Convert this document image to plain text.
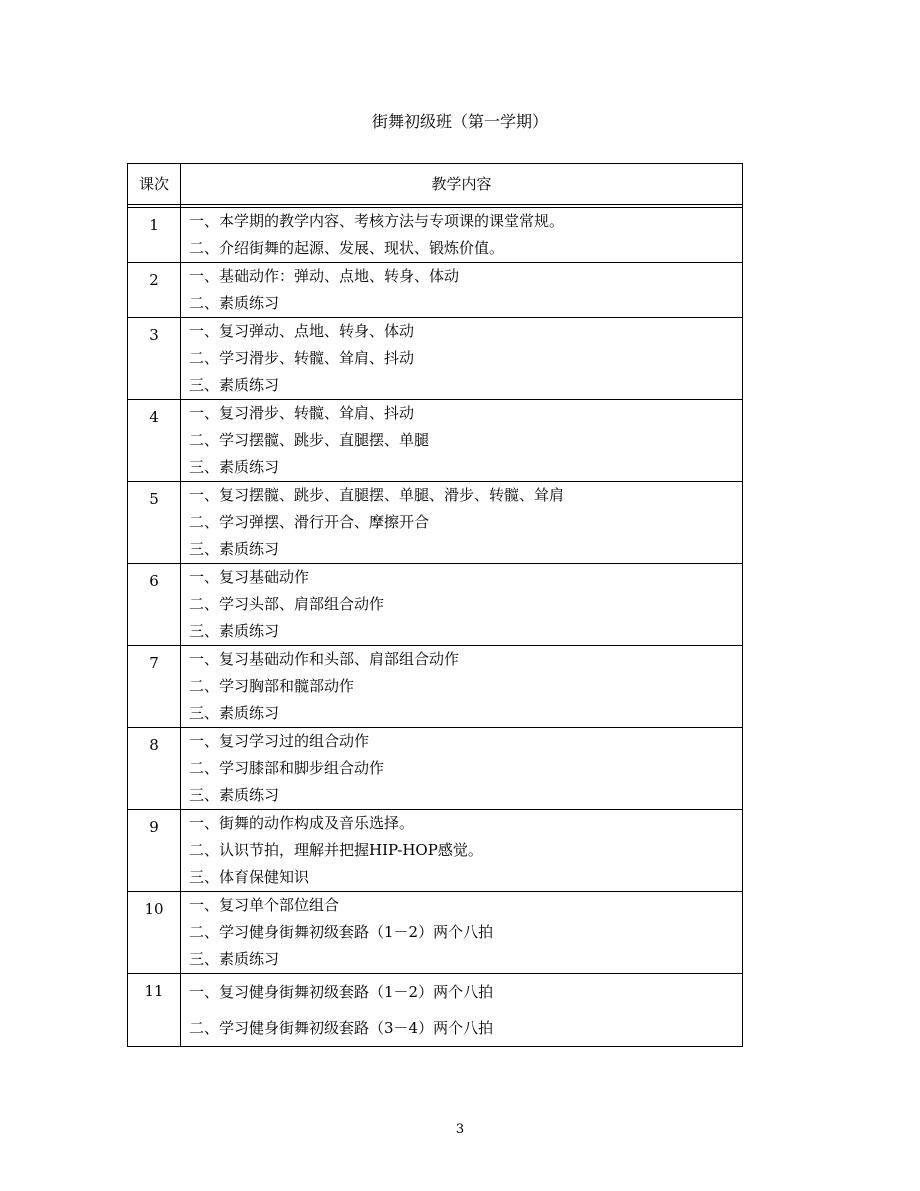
街舞初级班（第一学期）
课次	教学内容

1	一、本学期的教学内容、考核方法与专项课的课堂常规。
二、介绍街舞的起源、发展、现状、锻炼价值。

2	一、基础动作：弹动、点地、转身、体动
二、素质练习

3	一、复习弹动、点地、转身、体动
二、学习滑步、转髋、耸肩、抖动
三、素质练习

4	一、复习滑步、转髋、耸肩、抖动
二、学习摆髋、跳步、直腿摆、单腿
三、素质练习

5	一、复习摆髋、跳步、直腿摆、单腿、滑步、转髋、耸肩
二、学习弹摆、滑行开合、摩擦开合
三、素质练习

6	一、复习基础动作
二、学习头部、肩部组合动作
三、素质练习

7	一、复习基础动作和头部、肩部组合动作
二、学习胸部和髋部动作
三、素质练习

8	一、复习学习过的组合动作
二、学习膝部和脚步组合动作
三、素质练习

9	一、街舞的动作构成及音乐选择。
二、认识节拍，理解并把握HIP-HOP感觉。
三、体育保健知识

10	一、复习单个部位组合
二、学习健身街舞初级套路（1－2）两个八拍
三、素质练习

11	一、复习健身街舞初级套路（1－2）两个八拍
二、学习健身街舞初级套路（3－4）两个八拍
3
